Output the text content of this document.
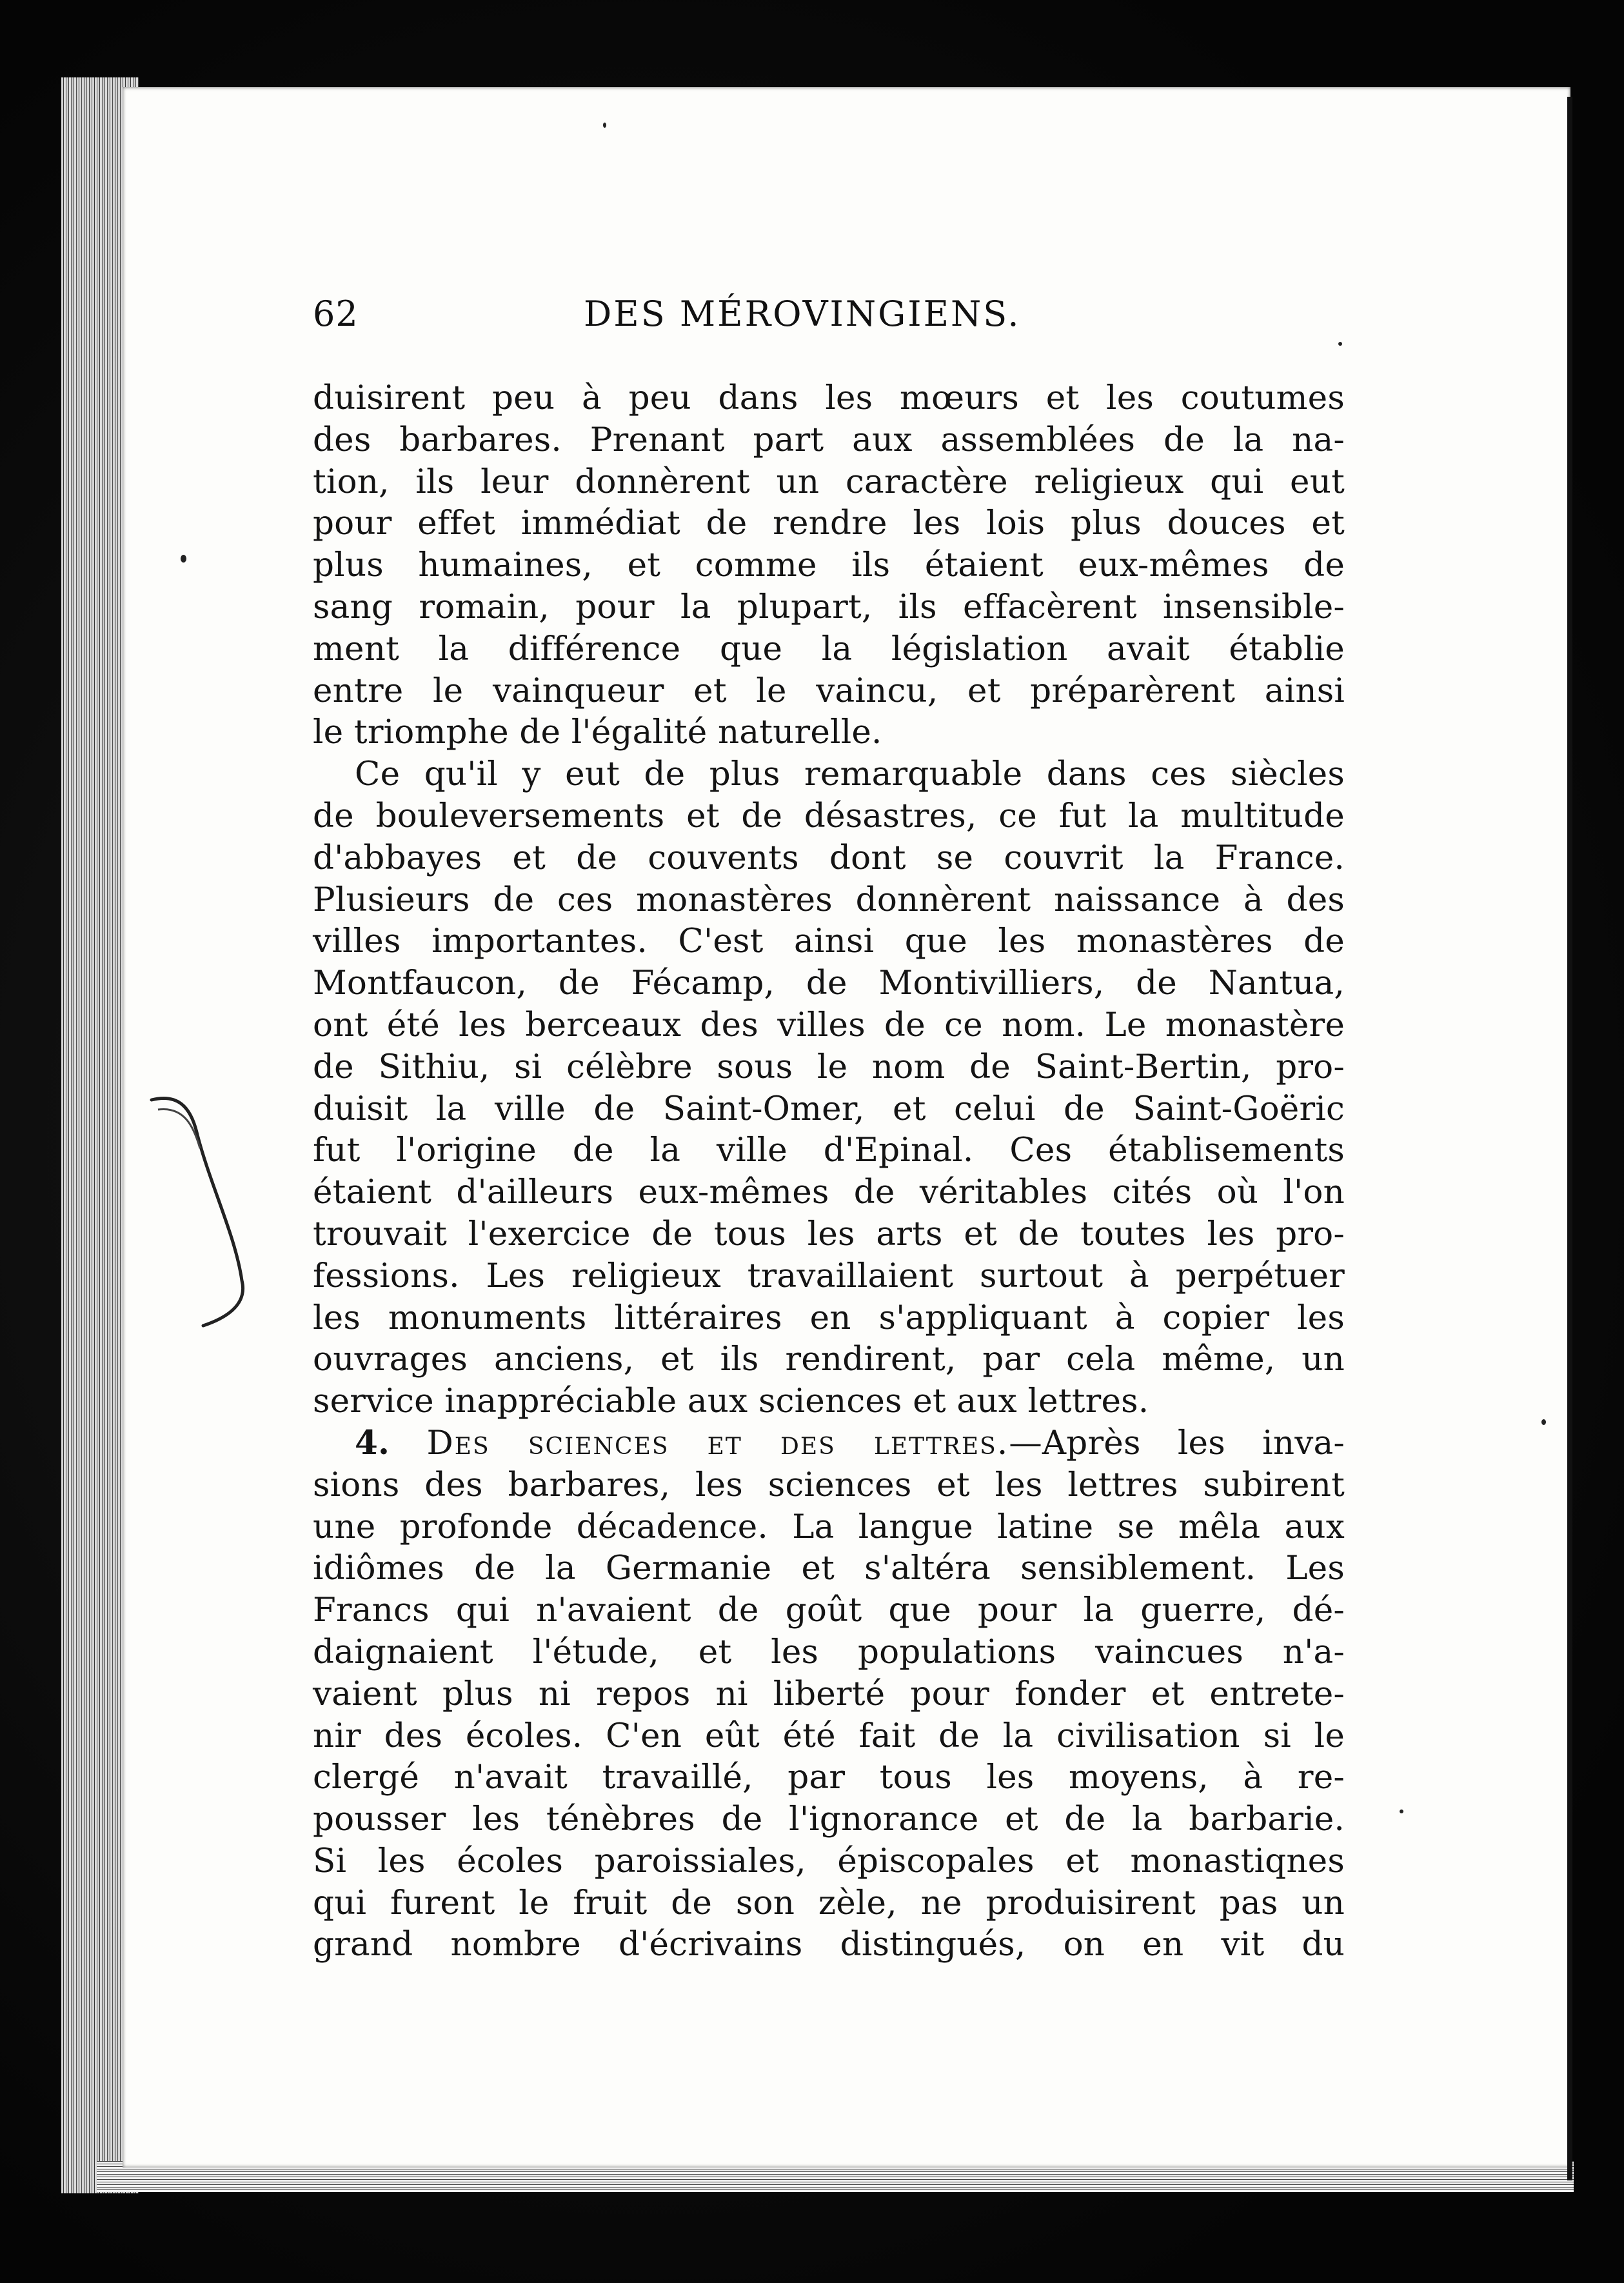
62	DES MÉROVINGIENS.
duisirent peu à peu dans les mœurs et les coutumes
des barbares. Prenant part aux assemblées de la na-
tion, ils leur donnèrent un caractère religieux qui eut
pour effet immédiat de rendre les lois plus douces et
plus humaines, et comme ils étaient eux-mêmes de
sang romain, pour la plupart, ils effacèrent insensible-
ment la différence que la législation avait établie
entre le vainqueur et le vaincu, et préparèrent ainsi
le triomphe de l'égalité naturelle.
Ce qu'il y eut de plus remarquable dans ces siècles
de bouleversements et de désastres, ce fut la multitude
d'abbayes et de couvents dont se couvrit la France.
Plusieurs de ces monastères donnèrent naissance à des
villes importantes. C'est ainsi que les monastères de
Montfaucon, de Fécamp, de Montivilliers, de Nantua,
ont été les berceaux des villes de ce nom. Le monastère
de Sithiu, si célèbre sous le nom de Saint-Bertin, pro-
duisit la ville de Saint-Omer, et celui de Saint-Goëric
fut l'origine de la ville d'Epinal. Ces établisements
étaient d'ailleurs eux-mêmes de véritables cités où l'on
trouvait l'exercice de tous les arts et de toutes les pro-
fessions. Les religieux travaillaient surtout à perpétuer
les monuments littéraires en s'appliquant à copier les
ouvrages anciens, et ils rendirent, par cela même, un
service inappréciable aux sciences et aux lettres.
4. Des sciences et des lettres.—Après les inva-
sions des barbares, les sciences et les lettres subirent
une profonde décadence. La langue latine se mêla aux
idiômes de la Germanie et s'altéra sensiblement. Les
Francs qui n'avaient de goût que pour la guerre, dé-
daignaient l'étude, et les populations vaincues n'a-
vaient plus ni repos ni liberté pour fonder et entrete-
nir des écoles. C'en eût été fait de la civilisation si le
clergé n'avait travaillé, par tous les moyens, à re-
pousser les ténèbres de l'ignorance et de la barbarie.
Si les écoles paroissiales, épiscopales et monastiqnes
qui furent le fruit de son zèle, ne produisirent pas un
grand nombre d'écrivains distingués, on en vit du
